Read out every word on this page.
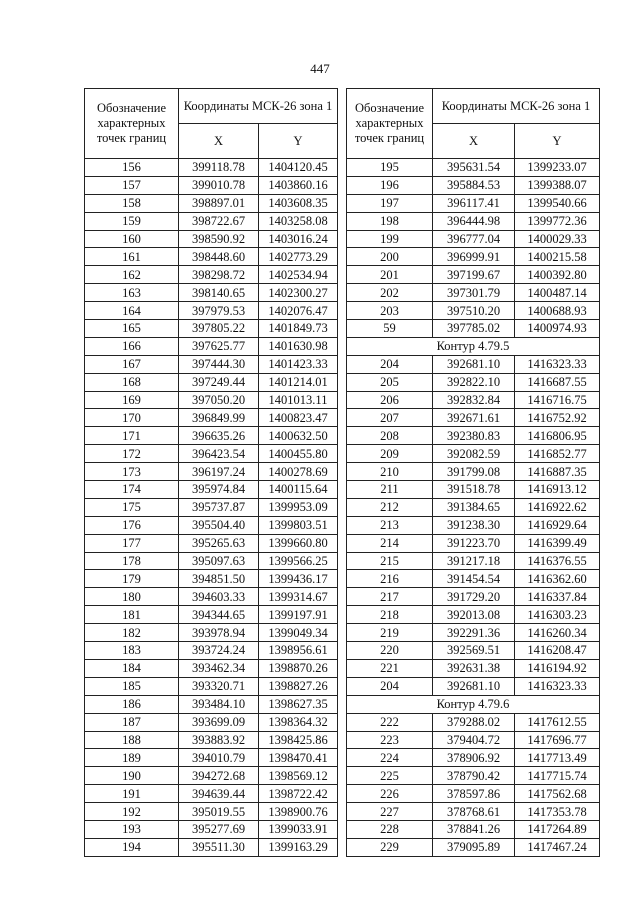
447
Обозначение характерных точек границ	Координаты МСК-26 зона 1	
	X	Y
156	399118.78	1404120.45
157	399010.78	1403860.16
158	398897.01	1403608.35
159	398722.67	1403258.08
160	398590.92	1403016.24
161	398448.60	1402773.29
162	398298.72	1402534.94
163	398140.65	1402300.27
164	397979.53	1402076.47
165	397805.22	1401849.73
166	397625.77	1401630.98
167	397444.30	1401423.33
168	397249.44	1401214.01
169	397050.20	1401013.11
170	396849.99	1400823.47
171	396635.26	1400632.50
172	396423.54	1400455.80
173	396197.24	1400278.69
174	395974.84	1400115.64
175	395737.87	1399953.09
176	395504.40	1399803.51
177	395265.63	1399660.80
178	395097.63	1399566.25
179	394851.50	1399436.17
180	394603.33	1399314.67
181	394344.65	1399197.91
182	393978.94	1399049.34
183	393724.24	1398956.61
184	393462.34	1398870.26
185	393320.71	1398827.26
186	393484.10	1398627.35
187	393699.09	1398364.32
188	393883.92	1398425.86
189	394010.79	1398470.41
190	394272.68	1398569.12
191	394639.44	1398722.42
192	395019.55	1398900.76
193	395277.69	1399033.91
194	395511.30	1399163.29
Обозначение характерных точек границ	Координаты МСК-26 зона 1	
	X	Y
195	395631.54	1399233.07
196	395884.53	1399388.07
197	396117.41	1399540.66
198	396444.98	1399772.36
199	396777.04	1400029.33
200	396999.91	1400215.58
201	397199.67	1400392.80
202	397301.79	1400487.14
203	397510.20	1400688.93
59	397785.02	1400974.93
Контур 4.79.5		
204	392681.10	1416323.33
205	392822.10	1416687.55
206	392832.84	1416716.75
207	392671.61	1416752.92
208	392380.83	1416806.95
209	392082.59	1416852.77
210	391799.08	1416887.35
211	391518.78	1416913.12
212	391384.65	1416922.62
213	391238.30	1416929.64
214	391223.70	1416399.49
215	391217.18	1416376.55
216	391454.54	1416362.60
217	391729.20	1416337.84
218	392013.08	1416303.23
219	392291.36	1416260.34
220	392569.51	1416208.47
221	392631.38	1416194.92
204	392681.10	1416323.33
Контур 4.79.6		
222	379288.02	1417612.55
223	379404.72	1417696.77
224	378906.92	1417713.49
225	378790.42	1417715.74
226	378597.86	1417562.68
227	378768.61	1417353.78
228	378841.26	1417264.89
229	379095.89	1417467.24
